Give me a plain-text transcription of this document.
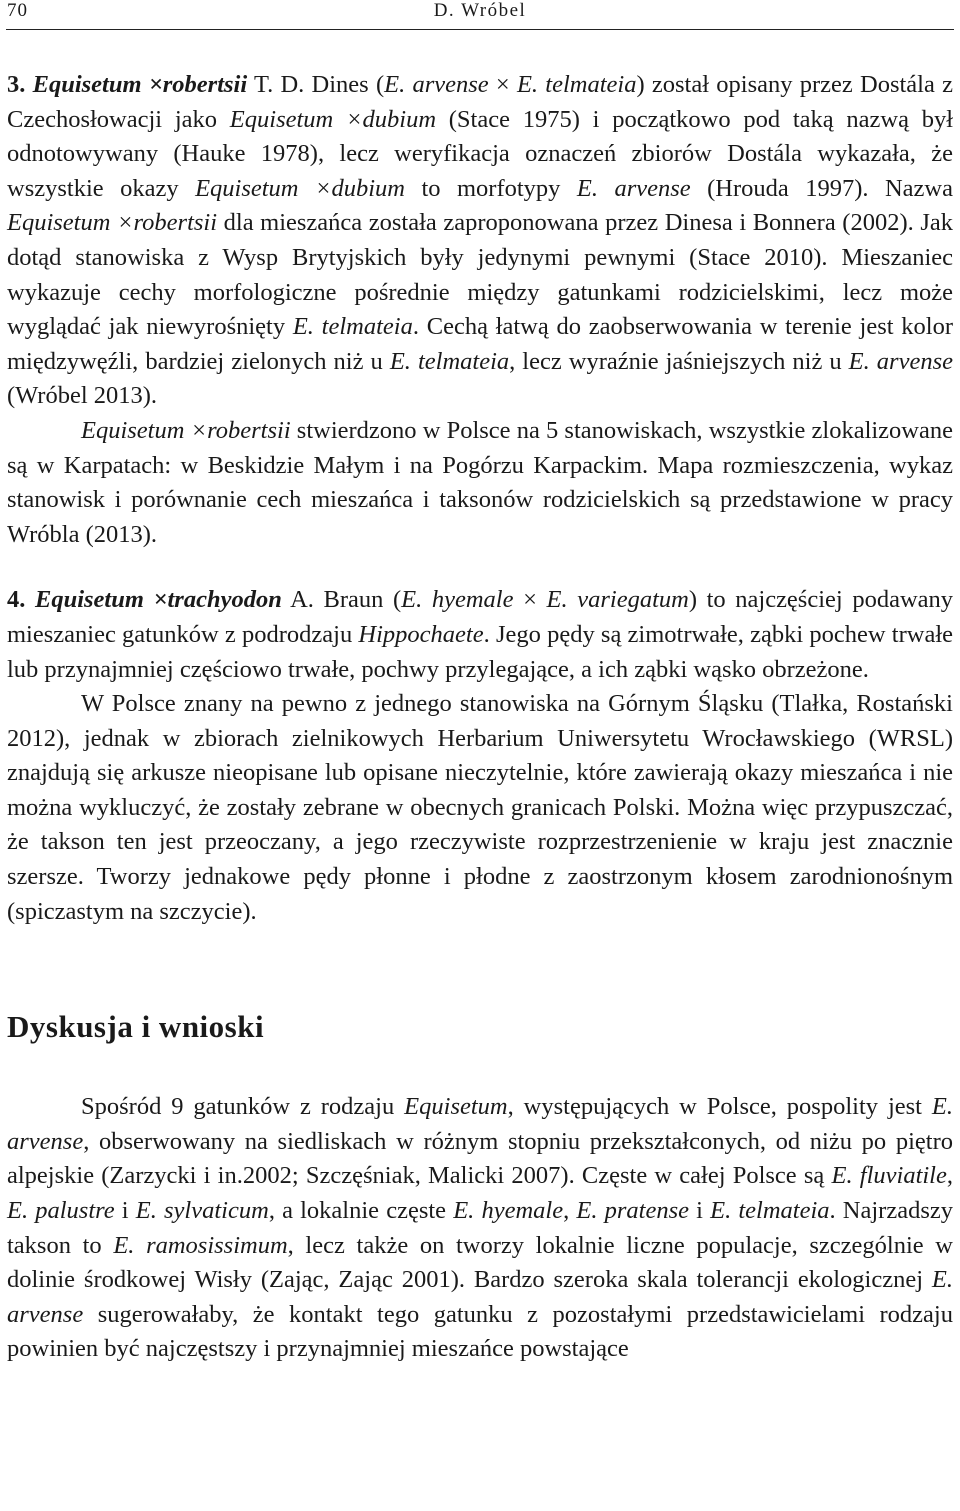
70	D. Wróbel

3. Equisetum ×robertsii T. D. Dines (E. arvense × E. telmateia) został opisany przez Dostála z Czechosłowacji jako Equisetum ×dubium (Stace 1975) i początkowo pod taką nazwą był odnotowywany (Hauke 1978), lecz weryfikacja oznaczeń zbiorów Dostála wykazała, że wszystkie okazy Equisetum ×dubium to morfotypy E. arvense (Hrouda 1997). Nazwa Equisetum ×robertsii dla mieszańca została zaproponowana przez Dinesa i Bonnera (2002). Jak dotąd stanowiska z Wysp Brytyjskich były jedynymi pewnymi (Stace 2010). Mieszaniec wykazuje cechy morfologiczne pośrednie między gatunkami rodzicielskimi, lecz może wyglądać jak niewyrośnięty E. telmateia. Cechą łatwą do zaobserwowania w terenie jest kolor międzywęźli, bardziej zielonych niż u E. telmateia, lecz wyraźnie jaśniejszych niż u E. arvense (Wróbel 2013).

Equisetum ×robertsii stwierdzono w Polsce na 5 stanowiskach, wszystkie zlokalizowane są w Karpatach: w Beskidzie Małym i na Pogórzu Karpackim. Mapa rozmieszczenia, wykaz stanowisk i porównanie cech mieszańca i taksonów rodzicielskich są przedstawione w pracy Wróbla (2013).

4. Equisetum ×trachyodon A. Braun (E. hyemale × E. variegatum) to najczęściej podawany mieszaniec gatunków z podrodzaju Hippochaete. Jego pędy są zimotrwałe, ząbki pochew trwałe lub przynajmniej częściowo trwałe, pochwy przylegające, a ich ząbki wąsko obrzeżone.

W Polsce znany na pewno z jednego stanowiska na Górnym Śląsku (Tlałka, Rostański 2012), jednak w zbiorach zielnikowych Herbarium Uniwersytetu Wrocławskiego (WRSL) znajdują się arkusze nieopisane lub opisane nieczytelnie, które zawierają okazy mieszańca i nie można wykluczyć, że zostały zebrane w obecnych granicach Polski. Można więc przypuszczać, że takson ten jest przeoczany, a jego rzeczywiste rozprzestrzenienie w kraju jest znacznie szersze. Tworzy jednakowe pędy płonne i płodne z zaostrzonym kłosem zarodnionośnym (spiczastym na szczycie).

Dyskusja i wnioski

Spośród 9 gatunków z rodzaju Equisetum, występujących w Polsce, pospolity jest E. arvense, obserwowany na siedliskach w różnym stopniu przekształconych, od niżu po piętro alpejskie (Zarzycki i in.2002; Szczęśniak, Malicki 2007). Częste w całej Polsce są E. fluviatile, E. palustre i E. sylvaticum, a lokalnie częste E. hyemale, E. pratense i E. telmateia. Najrzadszy takson to E. ramosissimum, lecz także on tworzy lokalnie liczne populacje, szczególnie w dolinie środkowej Wisły (Zając, Zając 2001). Bardzo szeroka skala tolerancji ekologicznej E. arvense sugerowałaby, że kontakt tego gatunku z pozostałymi przedstawicielami rodzaju powinien być najczęstszy i przynajmniej mieszańce powstające
